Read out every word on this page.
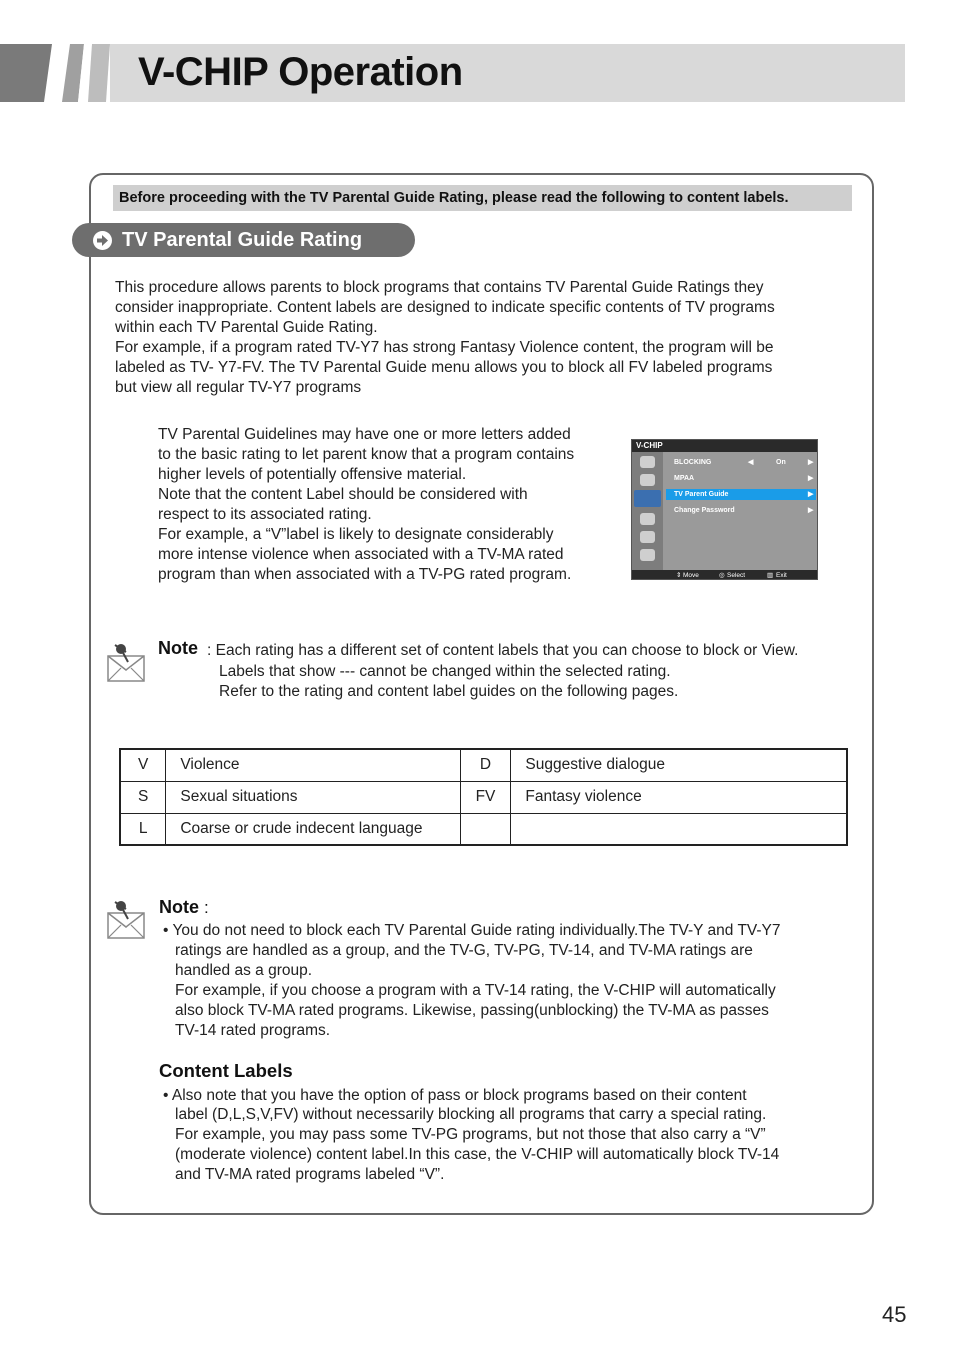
V-CHIP Operation
Before proceeding with the TV Parental Guide Rating, please read the following to content labels.
TV Parental Guide Rating
This procedure allows parents to block programs that contains TV Parental Guide Ratings they
consider inappropriate. Content labels are designed to indicate specific contents of TV programs
within each TV Parental Guide Rating.
For example, if a program rated TV-Y7 has strong Fantasy Violence content, the program will be
labeled as TV- Y7-FV. The TV Parental Guide menu allows you to block all FV labeled programs
but view all regular TV-Y7 programs
TV Parental Guidelines may have one or more letters added
to the basic rating to let parent know that a program contains
higher levels of potentially offensive material.
Note that the content Label should be considered with
respect to its associated rating.
For example, a “V”label is likely to designate considerably
more intense violence when associated with a TV-MA rated
program than when associated with a TV-PG rated program.
V-CHIP
BLOCKING	◀	On	▶
MPAA	▶
TV Parent Guide	▶
Change Password	▶
⇕ Move	◎ Select	▥ Exit
Note : Each rating has a different set of content labels that you can choose to block or View.
Labels that show --- cannot be changed within the selected rating.
Refer to the rating and content label guides on the following pages.
V	Violence	D	Suggestive dialogue
S	Sexual situations	FV	Fantasy violence
L	Coarse or crude indecent language		
Note :
• You do not need to block each TV Parental Guide rating individually.The TV-Y and TV-Y7
ratings are handled as a group, and the TV-G, TV-PG, TV-14, and TV-MA ratings are
handled as a group.
For example, if you choose a program with a TV-14 rating, the V-CHIP will automatically
also block TV-MA rated programs. Likewise, passing(unblocking) the TV-MA as passes
TV-14 rated programs.
Content Labels
• Also note that you have the option of pass or block programs based on their content
label (D,L,S,V,FV) without necessarily blocking all programs that carry a special rating.
For example, you may pass some TV-PG programs, but not those that also carry a “V”
(moderate violence) content label.In this case, the V-CHIP will automatically block TV-14
and TV-MA rated programs labeled “V”.
45
